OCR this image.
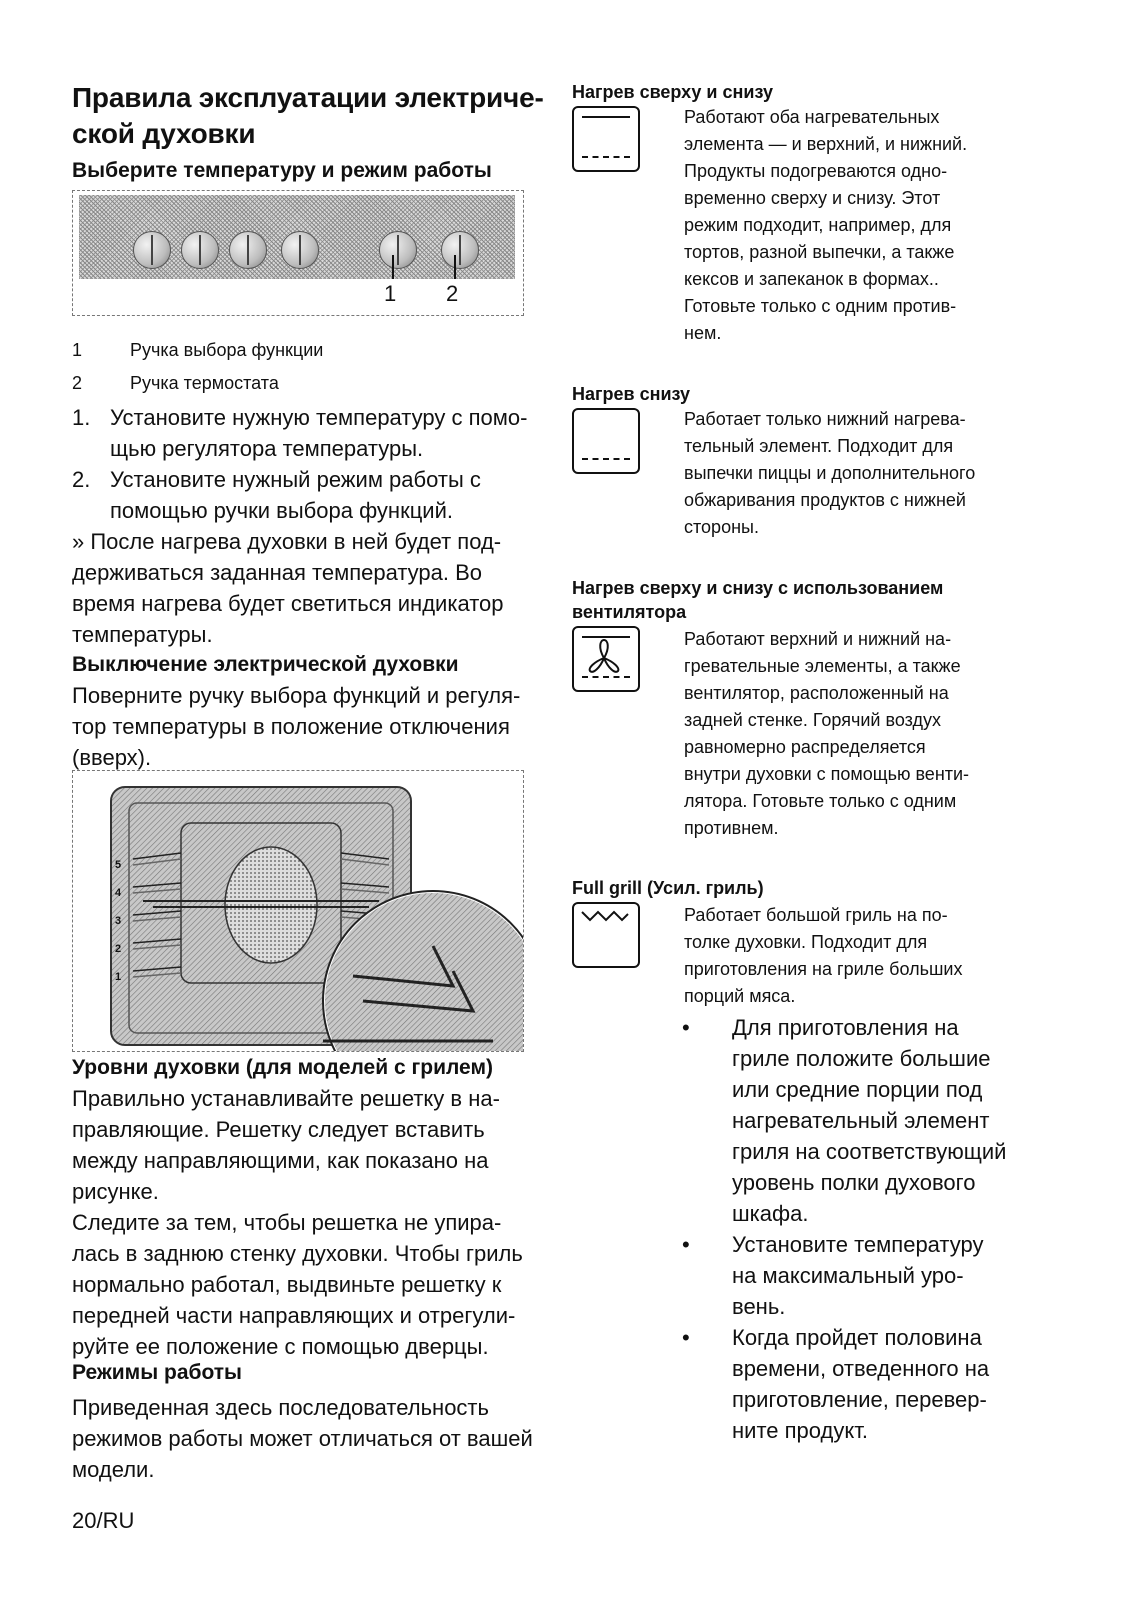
Правила эксплуатации электриче-
ской духовки
Выберите температуру и режим работы
1 2
1	Ручка выбора функции
2	Ручка термостата
1. Установите нужную температуру с помо-
щью регулятора температуры.
2. Установите нужный режим работы с
помощью ручки выбора функций.
» После нагрева духовки в ней будет под-
держиваться заданная температура. Во
время нагрева будет светиться индикатор
температуры.
Выключение электрической духовки
Поверните ручку выбора функций и регуля-
тор температуры в положение отключения
(вверх).
5
4
3
2
1
Уровни духовки (для моделей с грилем)
Правильно устанавливайте решетку в на-
правляющие. Решетку следует вставить
между направляющими, как показано на
рисунке.
Следите за тем, чтобы решетка не упира-
лась в заднюю стенку духовки. Чтобы гриль
нормально работал, выдвиньте решетку к
передней части направляющих и отрегули-
руйте ее положение с помощью дверцы.
Режимы работы
Приведенная здесь последовательность
режимов работы может отличаться от вашей
модели.
20/RU
Нагрев сверху и снизу
Работают оба нагревательных
элемента — и верхний, и нижний.
Продукты подогреваются одно-
временно сверху и снизу. Этот
режим подходит, например, для
тортов, разной выпечки, а также
кексов и запеканок в формах..
Готовьте только с одним против-
нем.
Нагрев снизу
Работает только нижний нагрева-
тельный элемент. Подходит для
выпечки пиццы и дополнительного
обжаривания продуктов с нижней
стороны.
Нагрев сверху и снизу с использованием
вентилятора
Работают верхний и нижний на-
гревательные элементы, а также
вентилятор, расположенный на
задней стенке. Горячий воздух
равномерно распределяется
внутри духовки с помощью венти-
лятора. Готовьте только с одним
противнем.
Full grill (Усил. гриль)
Работает большой гриль на по-
толке духовки. Подходит для
приготовления на гриле больших
порций мяса.
• Для приготовления на
гриле положите большие
или средние порции под
нагревательный элемент
гриля на соответствующий
уровень полки духового
шкафа.
• Установите температуру
на максимальный уро-
вень.
• Когда пройдет половина
времени, отведенного на
приготовление, перевер-
ните продукт.
